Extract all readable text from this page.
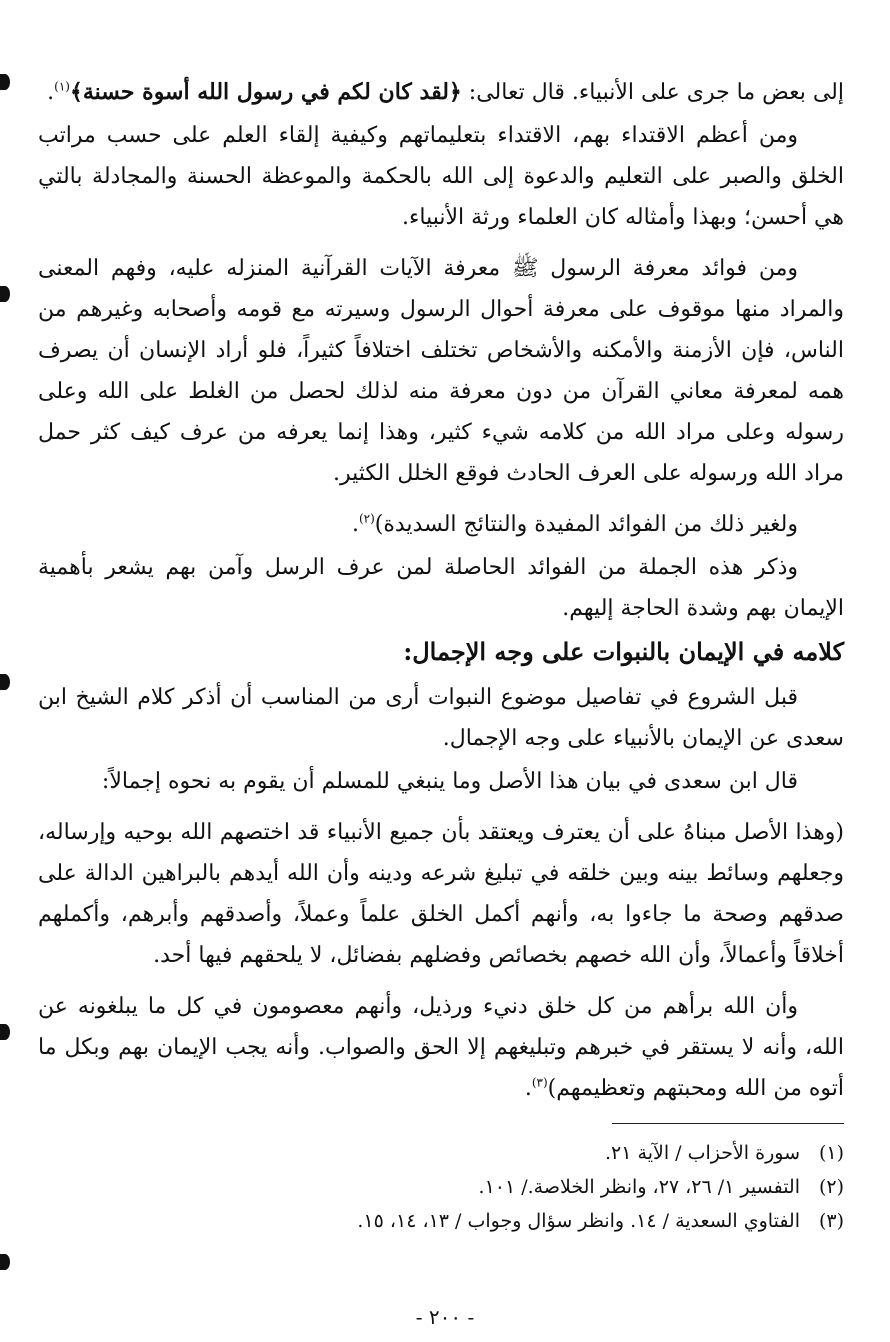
إلى بعض ما جرى على الأنبياء. قال تعالى: ﴿لقد كان لكم في رسول الله أسوة حسنة﴾$^{(١)}$.

ومن أعظم الاقتداء بهم، الاقتداء بتعليماتهم وكيفية إلقاء العلم على حسب مراتب الخلق والصبر على التعليم والدعوة إلى الله بالحكمة والموعظة الحسنة والمجادلة بالتي هي أحسن؛ وبهذا وأمثاله كان العلماء ورثة الأنبياء.

ومن فوائد معرفة الرسول ﷺ معرفة الآيات القرآنية المنزله عليه، وفهم المعنى والمراد منها موقوف على معرفة أحوال الرسول وسيرته مع قومه وأصحابه وغيرهم من الناس، فإن الأزمنة والأمكنه والأشخاص تختلف اختلافاً كثيراً، فلو أراد الإنسان أن يصرف همه لمعرفة معاني القرآن من دون معرفة منه لذلك لحصل من الغلط على الله وعلى رسوله وعلى مراد الله من كلامه شيء كثير، وهذا إنما يعرفه من عرف كيف كثر حمل مراد الله ورسوله على العرف الحادث فوقع الخلل الكثير.

ولغير ذلك من الفوائد المفيدة والنتائج السديدة)$^{(٢)}$.

وذكر هذه الجملة من الفوائد الحاصلة لمن عرف الرسل وآمن بهم يشعر بأهمية الإيمان بهم وشدة الحاجة إليهم.

كلامه في الإيمان بالنبوات على وجه الإجمال:

قبل الشروع في تفاصيل موضوع النبوات أرى من المناسب أن أذكر كلام الشيخ ابن سعدى عن الإيمان بالأنبياء على وجه الإجمال.

قال ابن سعدى في بيان هذا الأصل وما ينبغي للمسلم أن يقوم به نحوه إجمالاً:

(وهذا الأصل مبناهُ على أن يعترف ويعتقد بأن جميع الأنبياء قد اختصهم الله بوحيه وإرساله، وجعلهم وسائط بينه وبين خلقه في تبليغ شرعه ودينه وأن الله أيدهم بالبراهين الدالة على صدقهم وصحة ما جاءوا به، وأنهم أكمل الخلق علماً وعملاً، وأصدقهم وأبرهم، وأكملهم أخلاقاً وأعمالاً، وأن الله خصهم بخصائص وفضلهم بفضائل، لا يلحقهم فيها أحد.

وأن الله برأهم من كل خلق دنيء ورذيل، وأنهم معصومون في كل ما يبلغونه عن الله، وأنه لا يستقر في خبرهم وتبليغهم إلا الحق والصواب. وأنه يجب الإيمان بهم وبكل ما أتوه من الله ومحبتهم وتعظيمهم)$^{(٣)}$.

(١)سورة الأحزاب / الآية ٢١.

(٢)التفسير ١/ ٢٦، ٢٧، وانظر الخلاصة./ ١٠١.

(٣)الفتاوي السعدية / ١٤. وانظر سؤال وجواب / ١٣، ١٤، ١٥.

- ٢٠٠ -
